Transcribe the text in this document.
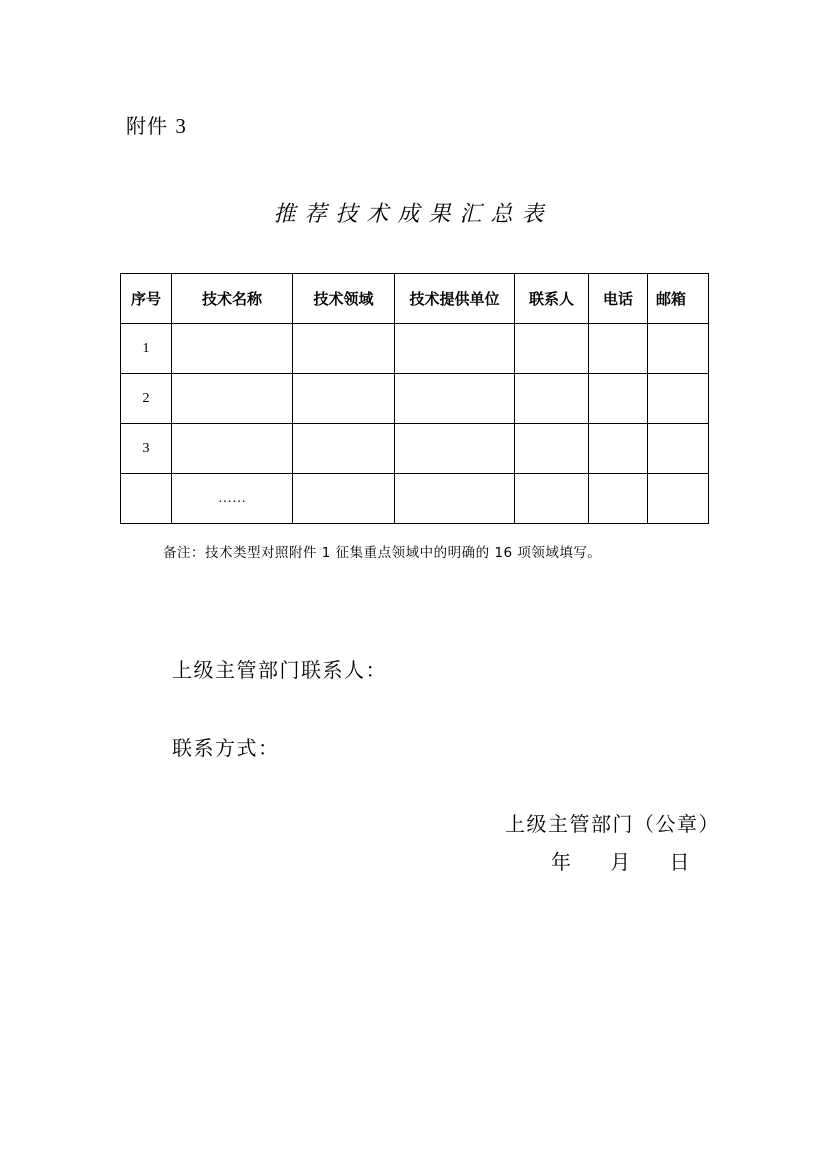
附件 3
推荐技术成果汇总表
序号	技术名称	技术领域	技术提供单位	联系人	电话	邮箱
1						
2						
3						
	……					
备注：技术类型对照附件 1 征集重点领域中的明确的 16 项领域填写。
上级主管部门联系人：
联系方式：
上级主管部门（公章）
年 月 日
